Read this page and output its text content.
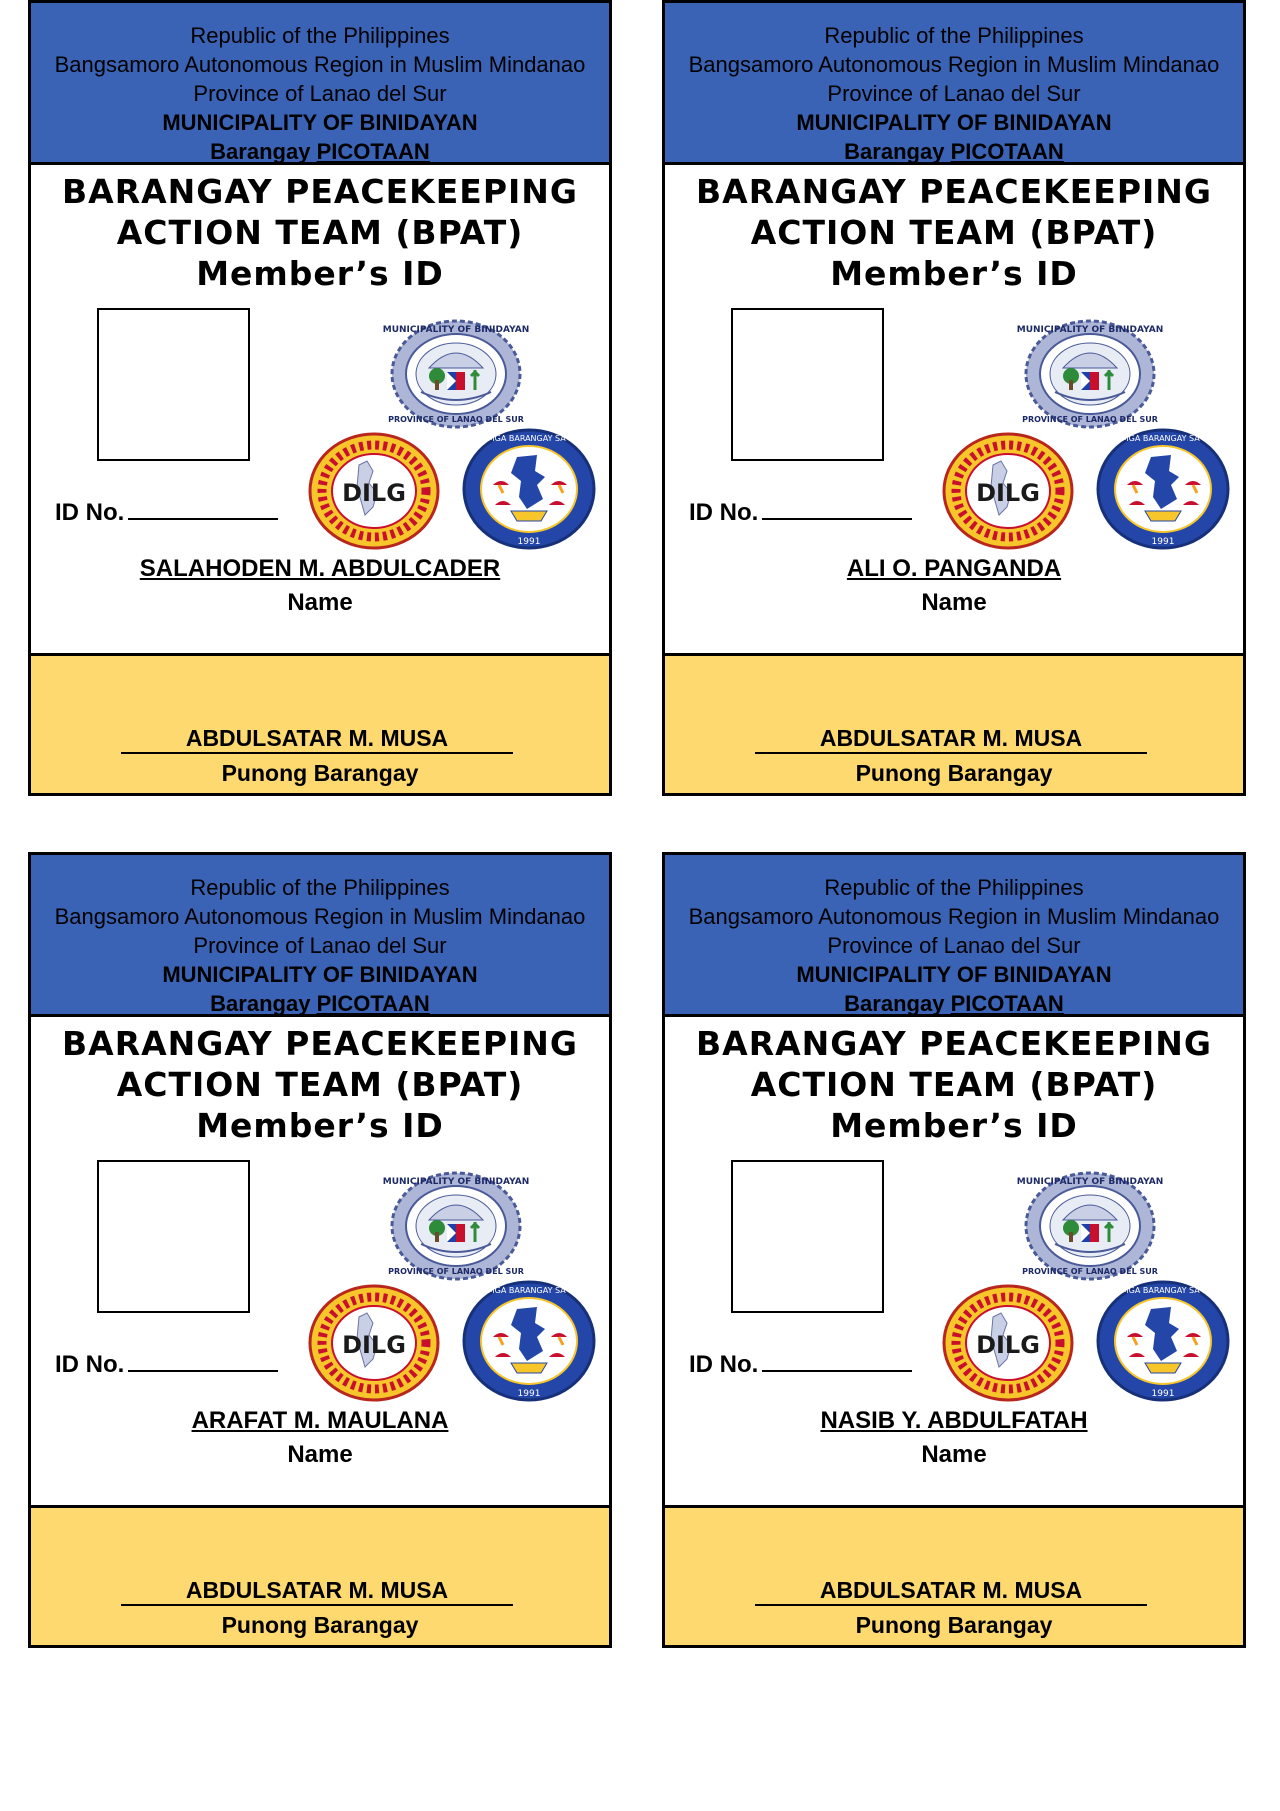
Republic of the Philippines
Bangsamoro Autonomous Region in Muslim Mindanao
Province of Lanao del Sur
MUNICIPALITY OF BINIDAYAN
Barangay PICOTAAN
BARANGAY PEACEKEEPING
ACTION TEAM (BPAT)
Member’s ID
MUNICIPALITY OF BINIDAYAN
PROVINCE OF LANAO DEL SUR
DILG
LIGA NG MGA BARANGAY SA PILIPINAS
1991
ID No.
SALAHODEN M. ABDULCADER
Name
ABDULSATAR M. MUSA
Punong Barangay
Republic of the Philippines
Bangsamoro Autonomous Region in Muslim Mindanao
Province of Lanao del Sur
MUNICIPALITY OF BINIDAYAN
Barangay PICOTAAN
BARANGAY PEACEKEEPING
ACTION TEAM (BPAT)
Member’s ID
MUNICIPALITY OF BINIDAYAN
PROVINCE OF LANAO DEL SUR
DILG
LIGA NG MGA BARANGAY SA PILIPINAS
1991
ID No.
ALI O. PANGANDA
Name
ABDULSATAR M. MUSA
Punong Barangay
Republic of the Philippines
Bangsamoro Autonomous Region in Muslim Mindanao
Province of Lanao del Sur
MUNICIPALITY OF BINIDAYAN
Barangay PICOTAAN
BARANGAY PEACEKEEPING
ACTION TEAM (BPAT)
Member’s ID
MUNICIPALITY OF BINIDAYAN
PROVINCE OF LANAO DEL SUR
DILG
LIGA NG MGA BARANGAY SA PILIPINAS
1991
ID No.
ARAFAT M. MAULANA
Name
ABDULSATAR M. MUSA
Punong Barangay
Republic of the Philippines
Bangsamoro Autonomous Region in Muslim Mindanao
Province of Lanao del Sur
MUNICIPALITY OF BINIDAYAN
Barangay PICOTAAN
BARANGAY PEACEKEEPING
ACTION TEAM (BPAT)
Member’s ID
MUNICIPALITY OF BINIDAYAN
PROVINCE OF LANAO DEL SUR
DILG
LIGA NG MGA BARANGAY SA PILIPINAS
1991
ID No.
NASIB Y. ABDULFATAH
Name
ABDULSATAR M. MUSA
Punong Barangay
